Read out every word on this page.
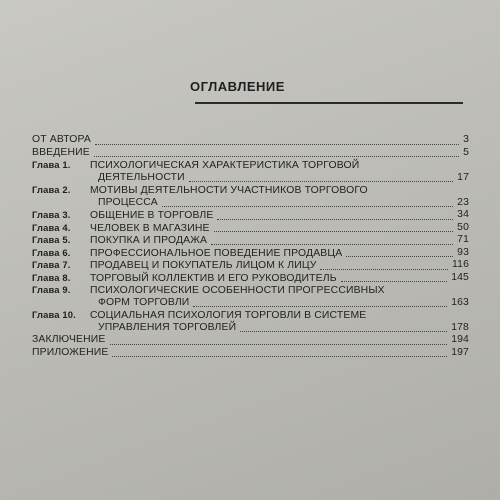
ОГЛАВЛЕНИЕ
ОТ АВТОРА	3
ВВЕДЕНИЕ	5
Глава 1. ПСИХОЛОГИЧЕСКАЯ ХАРАКТЕРИСТИКА ТОРГОВОЙ
ДЕЯТЕЛЬНОСТИ	17
Глава 2. МОТИВЫ ДЕЯТЕЛЬНОСТИ УЧАСТНИКОВ ТОРГОВОГО
ПРОЦЕССА	23
Глава 3. ОБЩЕНИЕ В ТОРГОВЛЕ	34
Глава 4. ЧЕЛОВЕК В МАГАЗИНЕ	50
Глава 5. ПОКУПКА И ПРОДАЖА	71
Глава 6. ПРОФЕССИОНАЛЬНОЕ ПОВЕДЕНИЕ ПРОДАВЦА	93
Глава 7. ПРОДАВЕЦ И ПОКУПАТЕЛЬ ЛИЦОМ К ЛИЦУ	116
Глава 8. ТОРГОВЫЙ КОЛЛЕКТИВ И ЕГО РУКОВОДИТЕЛЬ	145
Глава 9. ПСИХОЛОГИЧЕСКИЕ ОСОБЕННОСТИ ПРОГРЕССИВНЫХ
ФОРМ ТОРГОВЛИ	163
Глава 10. СОЦИАЛЬНАЯ ПСИХОЛОГИЯ ТОРГОВЛИ В СИСТЕМЕ
УПРАВЛЕНИЯ ТОРГОВЛЕЙ	178
ЗАКЛЮЧЕНИЕ	194
ПРИЛОЖЕНИЕ	197
